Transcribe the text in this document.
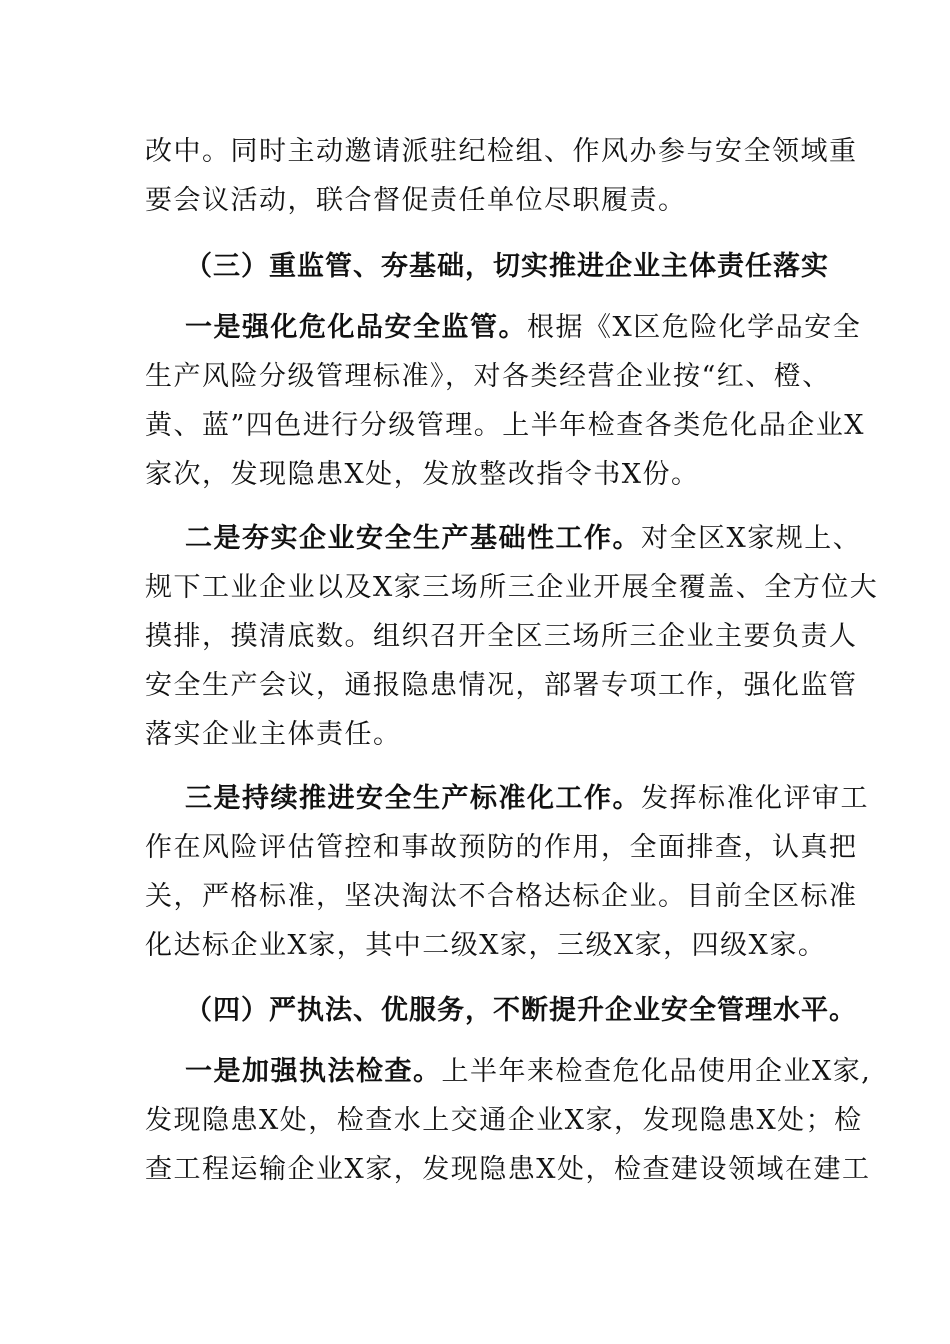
改中。同时主动邀请派驻纪检组、作风办参与安全领域重
要会议活动，联合督促责任单位尽职履责。
（三）重监管、夯基础，切实推进企业主体责任落实
一是强化危化品安全监管。根据《X区危险化学品安全
生产风险分级管理标准》，对各类经营企业按“红、橙、
黄、蓝”四色进行分级管理。上半年检查各类危化品企业X
家次，发现隐患X处，发放整改指令书X份。
二是夯实企业安全生产基础性工作。对全区X家规上、
规下工业企业以及X家三场所三企业开展全覆盖、全方位大
摸排，摸清底数。组织召开全区三场所三企业主要负责人
安全生产会议，通报隐患情况，部署专项工作，强化监管
落实企业主体责任。
三是持续推进安全生产标准化工作。发挥标准化评审工
作在风险评估管控和事故预防的作用，全面排查，认真把
关，严格标准，坚决淘汰不合格达标企业。目前全区标准
化达标企业X家，其中二级X家，三级X家，四级X家。
（四）严执法、优服务，不断提升企业安全管理水平。
一是加强执法检查。上半年来检查危化品使用企业X家,
发现隐患X处，检查水上交通企业X家，发现隐患X处；检
查工程运输企业X家，发现隐患X处，检查建设领域在建工
